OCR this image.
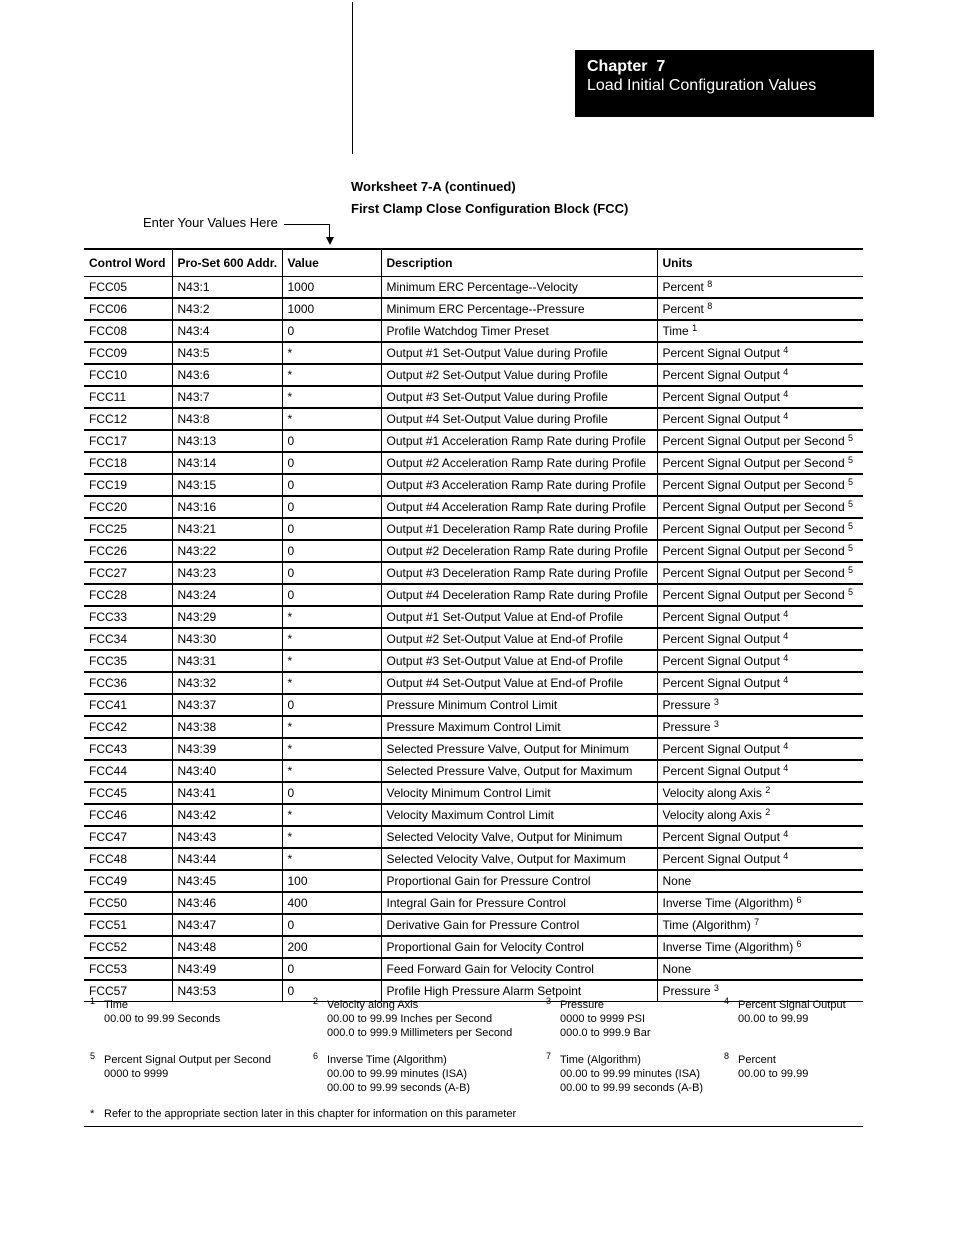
Chapter  7
Load Initial Configuration Values
Worksheet 7-A (continued)
First Clamp Close Configuration Block (FCC)
Enter Your Values Here
Control Word	Pro-Set 600 Addr.	Value	Description	Units
FCC05	N43:1	1000	Minimum ERC Percentage--Velocity	Percent $^8$
FCC06	N43:2	1000	Minimum ERC Percentage--Pressure	Percent $^8$
FCC08	N43:4	0	Profile Watchdog Timer Preset	Time $^1$
FCC09	N43:5	*	Output #1 Set-Output Value during Profile	Percent Signal Output $^4$
FCC10	N43:6	*	Output #2 Set-Output Value during Profile	Percent Signal Output $^4$
FCC11	N43:7	*	Output #3 Set-Output Value during Profile	Percent Signal Output $^4$
FCC12	N43:8	*	Output #4 Set-Output Value during Profile	Percent Signal Output $^4$
FCC17	N43:13	0	Output #1 Acceleration Ramp Rate during Profile	Percent Signal Output per Second $^5$
FCC18	N43:14	0	Output #2 Acceleration Ramp Rate during Profile	Percent Signal Output per Second $^5$
FCC19	N43:15	0	Output #3 Acceleration Ramp Rate during Profile	Percent Signal Output per Second $^5$
FCC20	N43:16	0	Output #4 Acceleration Ramp Rate during Profile	Percent Signal Output per Second $^5$
FCC25	N43:21	0	Output #1 Deceleration Ramp Rate during Profile	Percent Signal Output per Second $^5$
FCC26	N43:22	0	Output #2 Deceleration Ramp Rate during Profile	Percent Signal Output per Second $^5$
FCC27	N43:23	0	Output #3 Deceleration Ramp Rate during Profile	Percent Signal Output per Second $^5$
FCC28	N43:24	0	Output #4 Deceleration Ramp Rate during Profile	Percent Signal Output per Second $^5$
FCC33	N43:29	*	Output #1 Set-Output Value at End-of Profile	Percent Signal Output $^4$
FCC34	N43:30	*	Output #2 Set-Output Value at End-of Profile	Percent Signal Output $^4$
FCC35	N43:31	*	Output #3 Set-Output Value at End-of Profile	Percent Signal Output $^4$
FCC36	N43:32	*	Output #4 Set-Output Value at End-of Profile	Percent Signal Output $^4$
FCC41	N43:37	0	Pressure Minimum Control Limit	Pressure $^3$
FCC42	N43:38	*	Pressure Maximum Control Limit	Pressure $^3$
FCC43	N43:39	*	Selected Pressure Valve, Output for Minimum	Percent Signal Output $^4$
FCC44	N43:40	*	Selected Pressure Valve, Output for Maximum	Percent Signal Output $^4$
FCC45	N43:41	0	Velocity Minimum Control Limit	Velocity along Axis $^2$
FCC46	N43:42	*	Velocity Maximum Control Limit	Velocity along Axis $^2$
FCC47	N43:43	*	Selected Velocity Valve, Output for Minimum	Percent Signal Output $^4$
FCC48	N43:44	*	Selected Velocity Valve, Output for Maximum	Percent Signal Output $^4$
FCC49	N43:45	100	Proportional Gain for Pressure Control	None
FCC50	N43:46	400	Integral Gain for Pressure Control	Inverse Time (Algorithm) $^6$
FCC51	N43:47	0	Derivative Gain for Pressure Control	Time (Algorithm) $^7$
FCC52	N43:48	200	Proportional Gain for Velocity Control	Inverse Time (Algorithm) $^6$
FCC53	N43:49	0	Feed Forward Gain for Velocity Control	None
FCC57	N43:53	0	Profile High Pressure Alarm Setpoint	Pressure $^3$
1 Time
00.00 to 99.99 Seconds
2 Velocity along Axis
00.00 to 99.99 Inches per Second
000.0 to 999.9 Millimeters per Second
3 Pressure
0000 to 9999 PSI
000.0 to 999.9 Bar
4 Percent Signal Output
00.00 to 99.99
5 Percent Signal Output per Second
0000 to 9999
6 Inverse Time (Algorithm)
00.00 to 99.99 minutes (ISA)
00.00 to 99.99 seconds (A-B)
7 Time (Algorithm)
00.00 to 99.99 minutes (ISA)
00.00 to 99.99 seconds (A-B)
8 Percent
00.00 to 99.99
* Refer to the appropriate section later in this chapter for information on this parameter
